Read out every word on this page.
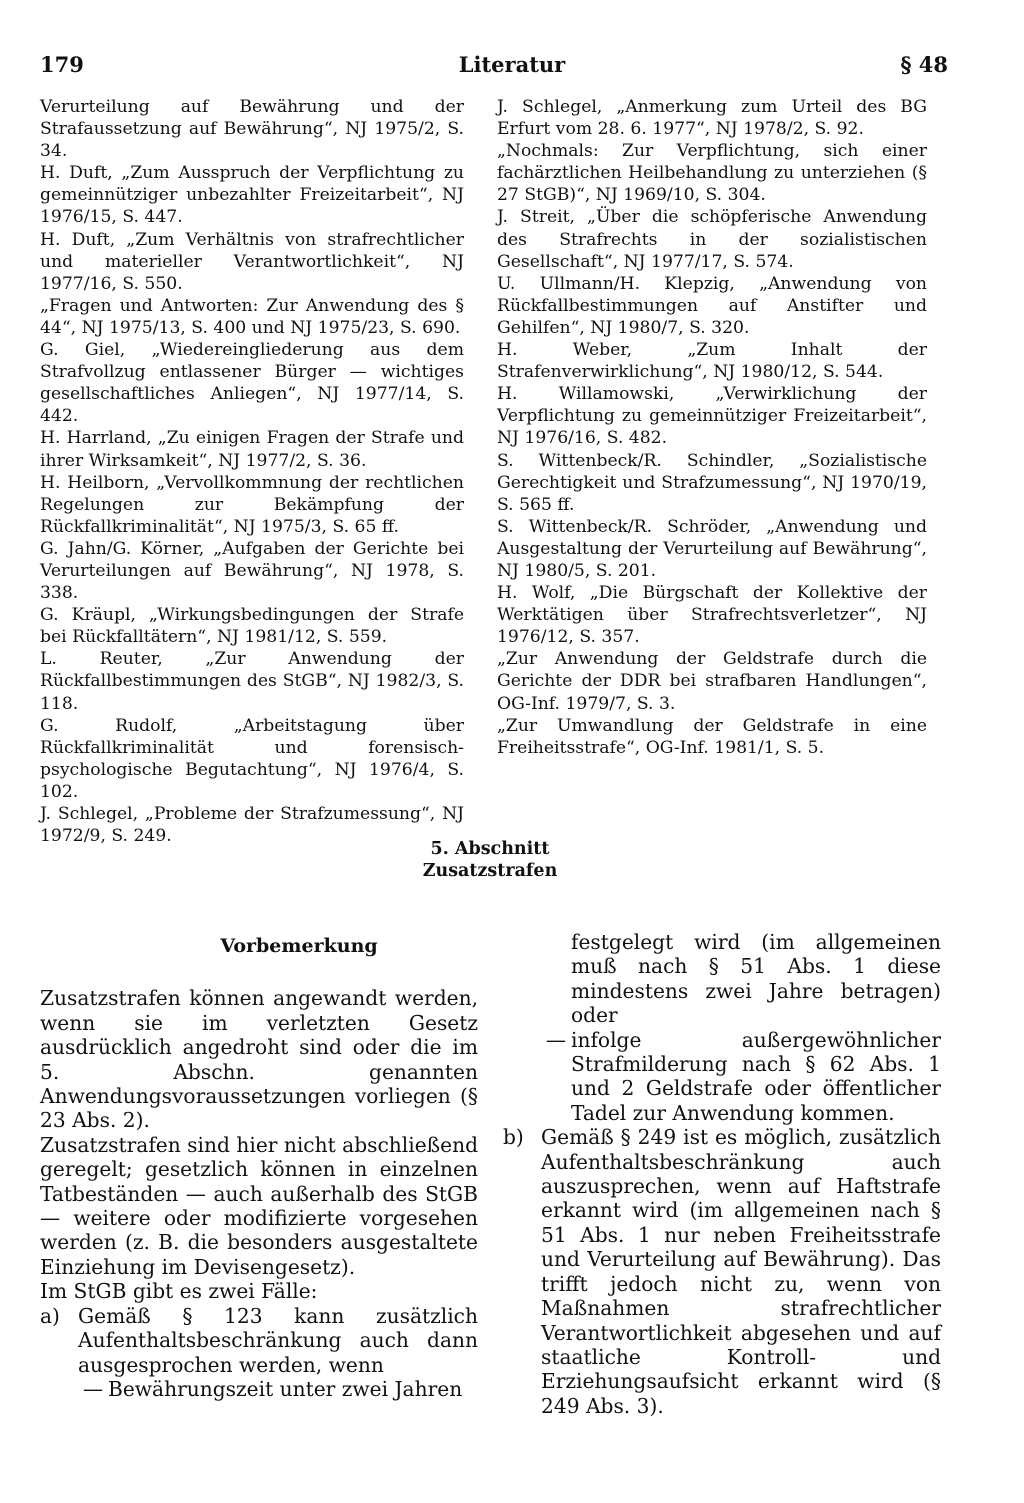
Literatur
179	§ 48

Verurteilung auf Bewährung und der Strafaussetzung auf Bewährung“, NJ 1975/2, S. 34.

H. Duft, „Zum Ausspruch der Verpflichtung zu gemeinnütziger unbezahlter Freizeitarbeit“, NJ 1976/15, S. 447.

H. Duft, „Zum Verhältnis von strafrechtlicher und materieller Verantwortlichkeit“, NJ 1977/16, S. 550.

„Fragen und Antworten: Zur Anwendung des § 44“, NJ 1975/13, S. 400 und NJ 1975/23, S. 690.

G. Giel, „Wiedereingliederung aus dem Strafvollzug entlassener Bürger — wichtiges gesellschaftliches Anliegen“, NJ 1977/14, S. 442.

H. Harrland, „Zu einigen Fragen der Strafe und ihrer Wirksamkeit“, NJ 1977/2, S. 36.

H. Heilborn, „Vervollkommnung der rechtlichen Regelungen zur Bekämpfung der Rückfallkriminalität“, NJ 1975/3, S. 65 ff.

G. Jahn/G. Körner, „Aufgaben der Gerichte bei Verurteilungen auf Bewährung“, NJ 1978, S. 338.

G. Kräupl, „Wirkungsbedingungen der Strafe bei Rückfalltätern“, NJ 1981/12, S. 559.

L. Reuter, „Zur Anwendung der Rückfallbestimmungen des StGB“, NJ 1982/3, S. 118.

G. Rudolf, „Arbeitstagung über Rückfallkriminalität und forensisch-psychologische Begutachtung“, NJ 1976/4, S. 102.

J. Schlegel, „Probleme der Strafzumessung“, NJ 1972/9, S. 249.

J. Schlegel, „Anmerkung zum Urteil des BG Erfurt vom 28. 6. 1977“, NJ 1978/2, S. 92.

„Nochmals: Zur Verpflichtung, sich einer fachärztlichen Heilbehandlung zu unterziehen (§ 27 StGB)“, NJ 1969/10, S. 304.

J. Streit, „Über die schöpferische Anwendung des Strafrechts in der sozialistischen Gesellschaft“, NJ 1977/17, S. 574.

U. Ullmann/H. Klepzig, „Anwendung von Rückfallbestimmungen auf Anstifter und Gehilfen“, NJ 1980/7, S. 320.

H. Weber, „Zum Inhalt der Strafenverwirklichung“, NJ 1980/12, S. 544.

H. Willamowski, „Verwirklichung der Verpflichtung zu gemeinnütziger Freizeitarbeit“, NJ 1976/16, S. 482.

S. Wittenbeck/R. Schindler, „Sozialistische Gerechtigkeit und Strafzumessung“, NJ 1970/19, S. 565 ff.

S. Wittenbeck/R. Schröder, „Anwendung und Ausgestaltung der Verurteilung auf Bewährung“, NJ 1980/5, S. 201.

H. Wolf, „Die Bürgschaft der Kollektive der Werktätigen über Strafrechtsverletzer“, NJ 1976/12, S. 357.

„Zur Anwendung der Geldstrafe durch die Gerichte der DDR bei strafbaren Handlungen“, OG-Inf. 1979/7, S. 3.

„Zur Umwandlung der Geldstrafe in eine Freiheitsstrafe“, OG-Inf. 1981/1, S. 5.

5. Abschnitt
Zusatzstrafen
Vorbemerkung

Zusatzstrafen können angewandt werden, wenn sie im verletzten Gesetz ausdrücklich angedroht sind oder die im 5. Abschn. genannten Anwendungsvoraussetzungen vorliegen (§ 23 Abs. 2).

Zusatzstrafen sind hier nicht abschließend geregelt; gesetzlich können in einzelnen Tatbeständen — auch außerhalb des StGB — weitere oder modifizierte vorgesehen werden (z. B. die besonders ausgestaltete Einziehung im Devisengesetz).

Im StGB gibt es zwei Fälle:

a) Gemäß § 123 kann zusätzlich Aufenthaltsbeschränkung auch dann ausgesprochen werden, wenn
— Bewährungszeit unter zwei Jahren

festgelegt wird (im allgemeinen muß nach § 51 Abs. 1 diese mindestens zwei Jahre betragen) oder

— infolge außergewöhnlicher Strafmilderung nach § 62 Abs. 1 und 2 Geldstrafe oder öffentlicher Tadel zur Anwendung kommen.
b) Gemäß § 249 ist es möglich, zusätzlich Aufenthaltsbeschränkung auch auszusprechen, wenn auf Haftstrafe erkannt wird (im allgemeinen nach § 51 Abs. 1 nur neben Freiheitsstrafe und Verurteilung auf Bewährung). Das trifft jedoch nicht zu, wenn von Maßnahmen strafrechtlicher Verantwortlichkeit abgesehen und auf staatliche Kontroll- und Erziehungsaufsicht erkannt wird (§ 249 Abs. 3).
